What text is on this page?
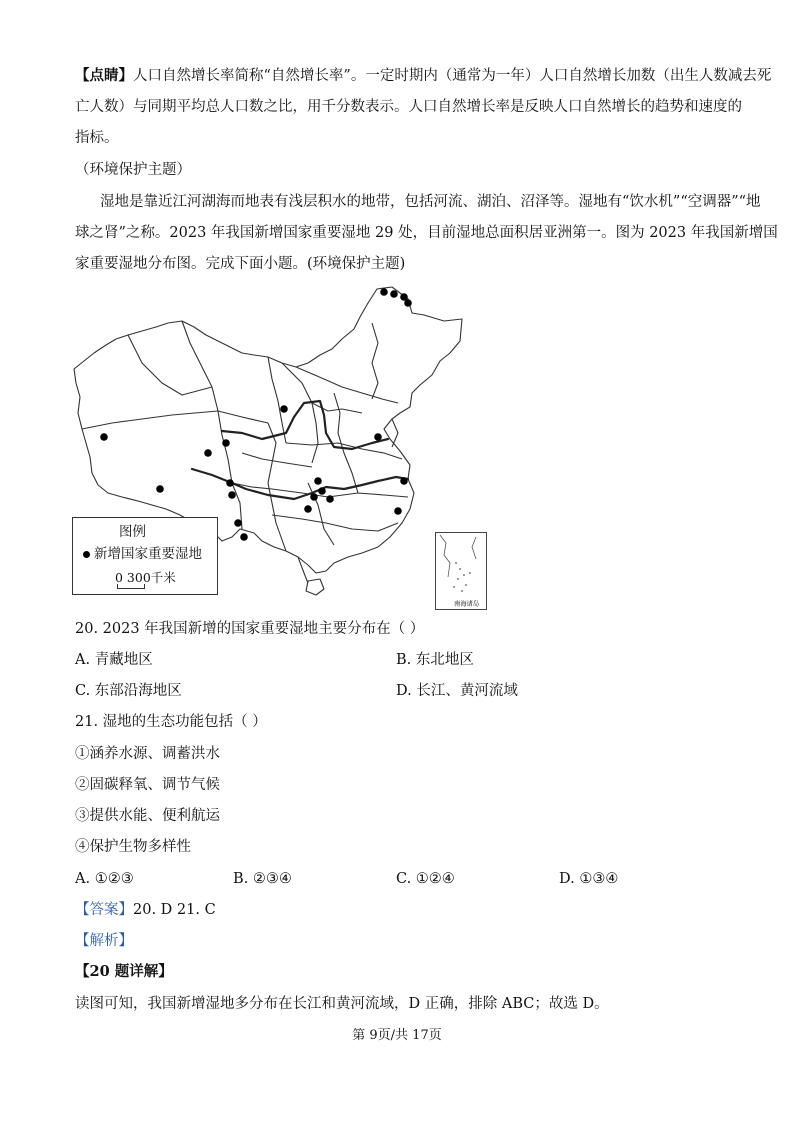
【点睛】人口自然增长率简称“自然增长率”。一定时期内（通常为一年）人口自然增长加数（出生人数减去死
亡人数）与同期平均总人口数之比，用千分数表示。人口自然增长率是反映人口自然增长的趋势和速度的
指标。
（环境保护主题）
湿地是靠近江河湖海而地表有浅层积水的地带，包括河流、湖泊、沼泽等。湿地有“饮水机”“空调器”“地
球之肾”之称。2023 年我国新增国家重要湿地 29 处，目前湿地总面积居亚洲第一。图为 2023 年我国新增国
家重要湿地分布图。完成下面小题。(环境保护主题)
图例
新增国家重要湿地
0 300千米
南海诸岛
20. 2023 年我国新增的国家重要湿地主要分布在（ ）
A. 青藏地区	B. 东北地区
C. 东部沿海地区	D. 长江、黄河流域
21. 湿地的生态功能包括（ ）
①涵养水源、调蓄洪水
②固碳释氧、调节气候
③提供水能、便利航运
④保护生物多样性
A. ①②③	B. ②③④	C. ①②④	D. ①③④
【答案】20. D 21. C
【解析】
【20 题详解】
读图可知，我国新增湿地多分布在长江和黄河流域，D 正确，排除 ABC；故选 D。
第 9页/共 17页
